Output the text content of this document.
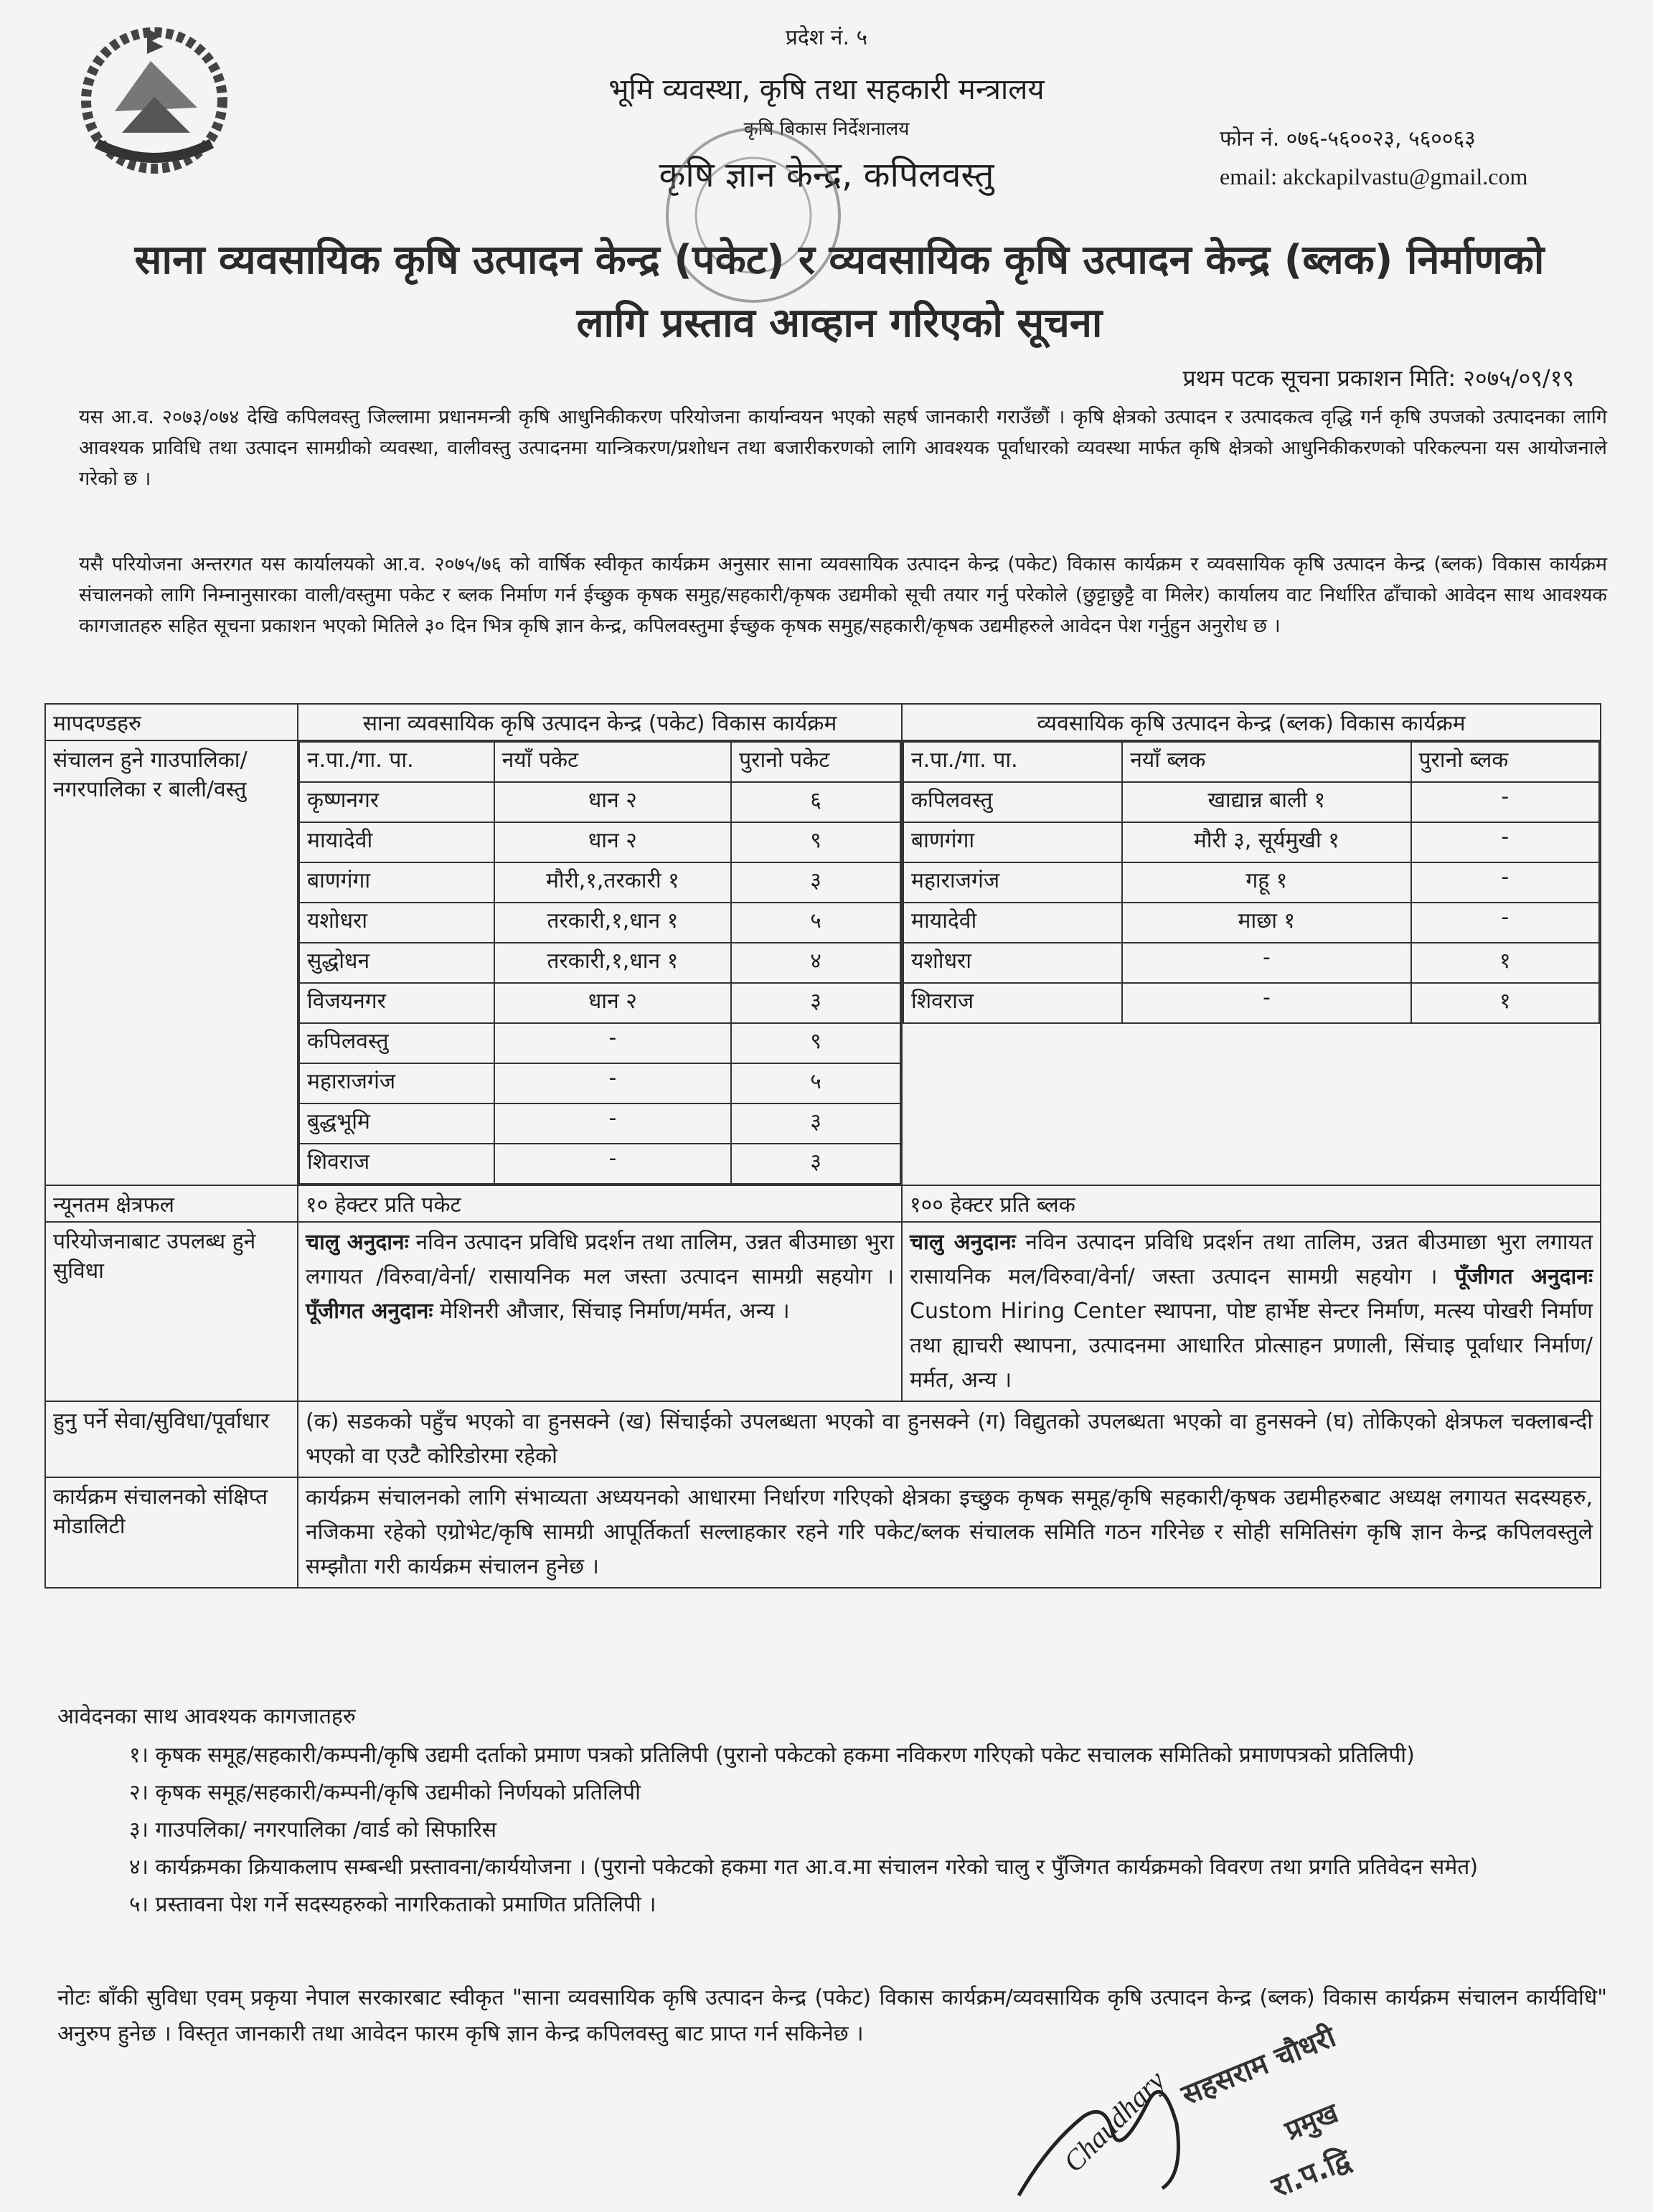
प्रदेश नं. ५
भूमि व्यवस्था, कृषि तथा सहकारी मन्त्रालय
कृषि बिकास निर्देशनालय
कृषि ज्ञान केन्द्र, कपिलवस्तु
फोन नं. ०७६-५६००२३, ५६००६३
email: akckapilvastu@gmail.com
साना व्यवसायिक कृषि उत्पादन केन्द्र (पकेट) र व्यवसायिक कृषि उत्पादन केन्द्र (ब्लक) निर्माणको
लागि प्रस्ताव आव्हान गरिएको सूचना
प्रथम पटक सूचना प्रकाशन मिति: २०७५/०९/१९
यस आ.व. २०७३/०७४ देखि कपिलवस्तु जिल्लामा प्रधानमन्त्री कृषि आधुनिकीकरण परियोजना कार्यान्वयन भएको सहर्ष जानकारी गराउँछौं । कृषि क्षेत्रको उत्पादन र उत्पादकत्व वृद्धि गर्न कृषि उपजको उत्पादनका लागि आवश्यक प्राविधि तथा उत्पादन सामग्रीको व्यवस्था, वालीवस्तु उत्पादनमा यान्त्रिकरण/प्रशोधन तथा बजारीकरणको लागि आवश्यक पूर्वाधारको व्यवस्था मार्फत कृषि क्षेत्रको आधुनिकीकरणको परिकल्पना यस आयोजनाले गरेको छ ।
यसै परियोजना अन्तरगत यस कार्यालयको आ.व. २०७५/७६ को वार्षिक स्वीकृत कार्यक्रम अनुसार साना व्यवसायिक उत्पादन केन्द्र (पकेट) विकास कार्यक्रम र व्यवसायिक कृषि उत्पादन केन्द्र (ब्लक) विकास कार्यक्रम संचालनको लागि निम्नानुसारका वाली/वस्तुमा पकेट र ब्लक निर्माण गर्न ईच्छुक कृषक समुह/सहकारी/कृषक उद्यमीको सूची तयार गर्नु परेकोले (छुट्टाछुट्टै वा मिलेर) कार्यालय वाट निर्धारित ढाँचाको आवेदन साथ आवश्यक कागजातहरु सहित सूचना प्रकाशन भएको मितिले ३० दिन भित्र कृषि ज्ञान केन्द्र, कपिलवस्तुमा ईच्छुक कृषक समुह/सहकारी/कृषक उद्यमीहरुले आवेदन पेश गर्नुहुन अनुरोध छ ।
मापदण्डहरु	साना व्यवसायिक कृषि उत्पादन केन्द्र (पकेट) विकास कार्यक्रम	व्यवसायिक कृषि उत्पादन केन्द्र (ब्लक) विकास कार्यक्रम
संचालन हुने गाउपालिका/ नगरपालिका र बाली/वस्तु	
न.पा./गा. पा.	नयाँ पकेट	पुरानो पकेट
कृष्णनगर	धान २	६
मायादेवी	धान २	९
बाणगंगा	मौरी,१,तरकारी १	३
यशोधरा	तरकारी,१,धान १	५
सुद्धोधन	तरकारी,१,धान १	४
विजयनगर	धान २	३
कपिलवस्तु	-	९
महाराजगंज	-	५
बुद्धभूमि	-	३
शिवराज	-	३

न.पा./गा. पा.	नयाँ ब्लक	पुरानो ब्लक
कपिलवस्तु	खाद्यान्न बाली १	-
बाणगंगा	मौरी ३, सूर्यमुखी १	-
महाराजगंज	गहू १	-
मायादेवी	माछा १	-
यशोधरा	-	१
शिवराज	-	१

न्यूनतम क्षेत्रफल	१० हेक्टर प्रति पकेट	१०० हेक्टर प्रति ब्लक
परियोजनाबाट उपलब्ध हुने सुविधा	चालु अनुदानः नविन उत्पादन प्रविधि प्रदर्शन तथा तालिम, उन्नत बीउमाछा भुरा लगायत /विरुवा/वेर्ना/ रासायनिक मल जस्ता उत्पादन सामग्री सहयोग । पूँजीगत अनुदानः मेशिनरी औजार, सिंचाइ निर्माण/मर्मत, अन्य ।	चालु अनुदानः नविन उत्पादन प्रविधि प्रदर्शन तथा तालिम, उन्नत बीउमाछा भुरा लगायत रासायनिक मल/विरुवा/वेर्ना/ जस्ता उत्पादन सामग्री सहयोग । पूँजीगत अनुदानः Custom Hiring Center स्थापना, पोष्ट हार्भेष्ट सेन्टर निर्माण, मत्स्य पोखरी निर्माण तथा ह्याचरी स्थापना, उत्पादनमा आधारित प्रोत्साहन प्रणाली, सिंचाइ पूर्वाधार निर्माण/मर्मत, अन्य ।
हुनु पर्ने सेवा/सुविधा/पूर्वाधार	(क) सडकको पहुँच भएको वा हुनसक्ने (ख) सिंचाईको उपलब्धता भएको वा हुनसक्ने (ग) विद्युतको उपलब्धता भएको वा हुनसक्ने (घ) तोकिएको क्षेत्रफल चक्लाबन्दी भएको वा एउटै कोरिडोरमा रहेको
कार्यक्रम संचालनको संक्षिप्त मोडालिटी	कार्यक्रम संचालनको लागि संभाव्यता अध्ययनको आधारमा निर्धारण गरिएको क्षेत्रका इच्छुक कृषक समूह/कृषि सहकारी/कृषक उद्यमीहरुबाट अध्यक्ष लगायत सदस्यहरु, नजिकमा रहेको एग्रोभेट/कृषि सामग्री आपूर्तिकर्ता सल्लाहकार रहने गरि पकेट/ब्लक संचालक समिति गठन गरिनेछ र सोही समितिसंग कृषि ज्ञान केन्द्र कपिलवस्तुले सम्झौता गरी कार्यक्रम संचालन हुनेछ ।
आवेदनका साथ आवश्यक कागजातहरु
१। कृषक समूह/सहकारी/कम्पनी/कृषि उद्यमी दर्ताको प्रमाण पत्रको प्रतिलिपी (पुरानो पकेटको हकमा नविकरण गरिएको पकेट सचालक समितिको प्रमाणपत्रको प्रतिलिपी)
२। कृषक समूह/सहकारी/कम्पनी/कृषि उद्यमीको निर्णयको प्रतिलिपी
३। गाउपलिका/ नगरपालिका /वार्ड को सिफारिस
४। कार्यक्रमका क्रियाकलाप सम्बन्धी प्रस्तावना/कार्ययोजना । (पुरानो पकेटको हकमा गत आ.व.मा संचालन गरेको चालु र पुँजिगत कार्यक्रमको विवरण तथा प्रगति प्रतिवेदन समेत)
५। प्रस्तावना पेश गर्ने सदस्यहरुको नागरिकताको प्रमाणित प्रतिलिपी ।
नोटः बाँकी सुविधा एवम् प्रकृया नेपाल सरकारबाट स्वीकृत "साना व्यवसायिक कृषि उत्पादन केन्द्र (पकेट) विकास कार्यक्रम/व्यवसायिक कृषि उत्पादन केन्द्र (ब्लक) विकास कार्यक्रम संचालन कार्यविधि" अनुरुप हुनेछ । विस्तृत जानकारी तथा आवेदन फारम कृषि ज्ञान केन्द्र कपिलवस्तु बाट प्राप्त गर्न सकिनेछ ।
Chaudhary सहसराम चौधरी
प्रमुख
रा.प.द्वि
